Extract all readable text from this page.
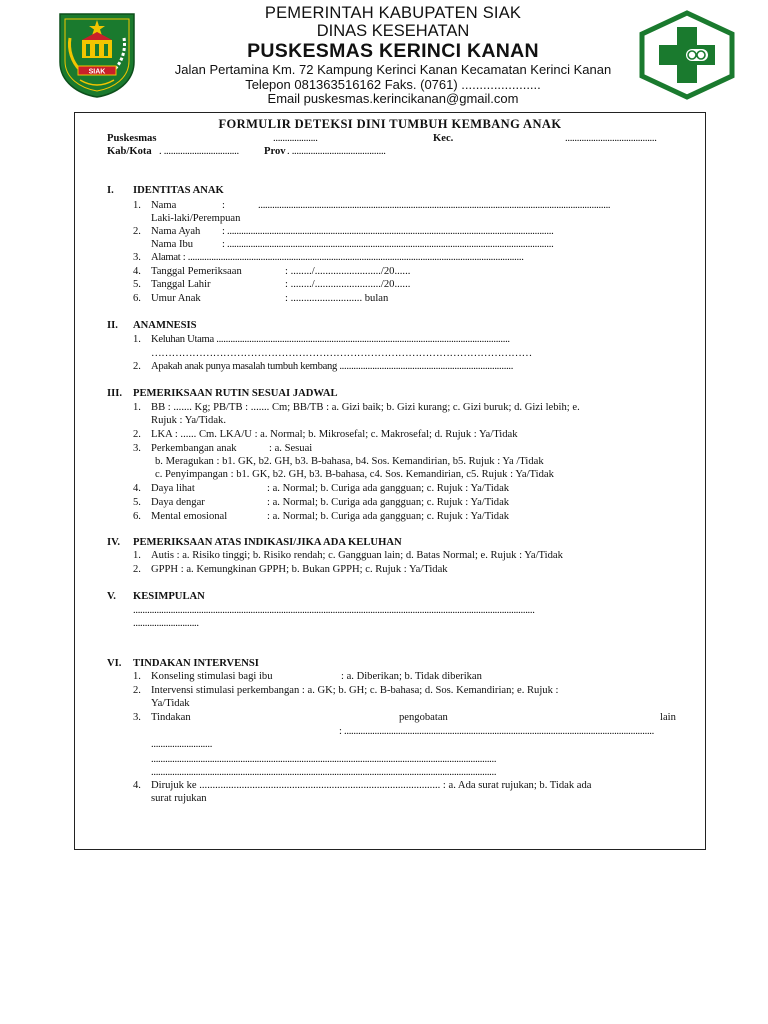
SIAK
PEMERINTAH KABUPATEN SIAK
DINAS KESEHATAN
PUSKESMAS KERINCI KANAN
Jalan Pertamina Km. 72 Kampung Kerinci Kanan Kecamatan Kerinci Kanan
Telepon 081363516162 Faks. (0761) ......................
Email puskesmas.kerincikanan@gmail.com
FORMULIR DETEKSI DINI TUMBUH KEMBANG ANAK
Puskesmas	...................	Kec.	.......................................
Kab/Kota . ................................ Prov . ........................................
I. IDENTITAS ANAK
1. Nama	:	......................................................................................................................................................
Laki-laki/Perempuan
2. Nama Ayah : ...........................................................................................................................................
Nama Ibu	: ...........................................................................................................................................
3. Alamat : ...............................................................................................................................................
4. Tanggal Pemeriksaan	: ......../........................./20......
5. Tanggal Lahir	: ......../........................./20......
6. Umur Anak	: ........................... bulan
II. ANAMNESIS
1. Keluhan Utama .............................................................................................................................
…………………………………………………………………………………………………
2. Apakah anak punya masalah tumbuh kembang ..........................................................................
III. PEMERIKSAAN RUTIN SESUAI JADWAL
1. BB : ....... Kg; PB/TB : ....... Cm; BB/TB : a. Gizi baik; b. Gizi kurang; c. Gizi buruk; d. Gizi lebih; e.
Rujuk : Ya/Tidak.
2. LKA : ...... Cm. LKA/U : a. Normal; b. Mikrosefal; c. Makrosefal; d. Rujuk : Ya/Tidak
3. Perkembangan anak	: a. Sesuai
b. Meragukan : b1. GK, b2. GH, b3. B-bahasa, b4. Sos. Kemandirian, b5. Rujuk : Ya /Tidak
c. Penyimpangan : b1. GK, b2. GH, b3. B-bahasa, c4. Sos. Kemandirian, c5. Rujuk : Ya/Tidak
4. Daya lihat	: a. Normal; b. Curiga ada gangguan; c. Rujuk : Ya/Tidak
5. Daya dengar	: a. Normal; b. Curiga ada gangguan; c. Rujuk : Ya/Tidak
6. Mental emosional	: a. Normal; b. Curiga ada gangguan; c. Rujuk : Ya/Tidak
IV. PEMERIKSAAN ATAS INDIKASI/JIKA ADA KELUHAN
1. Autis : a. Risiko tinggi; b. Risiko rendah; c. Gangguan lain; d. Batas Normal; e. Rujuk : Ya/Tidak
2. GPPH : a. Kemungkinan GPPH; b. Bukan GPPH; c. Rujuk : Ya/Tidak
V. KESIMPULAN
...........................................................................................................................................................................
............................
VI. TINDAKAN INTERVENSI
1. Konseling stimulasi bagi ibu	: a. Diberikan; b. Tidak diberikan
2. Intervensi stimulasi perkembangan : a. GK; b. GH; c. B-bahasa; d. Sos. Kemandirian; e. Rujuk :
Ya/Tidak
3. Tindakan	pengobatan	lain
: ....................................................................................................................................
..........................
...................................................................................................................................................
...................................................................................................................................................
4. Dirujuk ke ........................................................................................... : a. Ada surat rujukan; b. Tidak ada
surat rujukan
